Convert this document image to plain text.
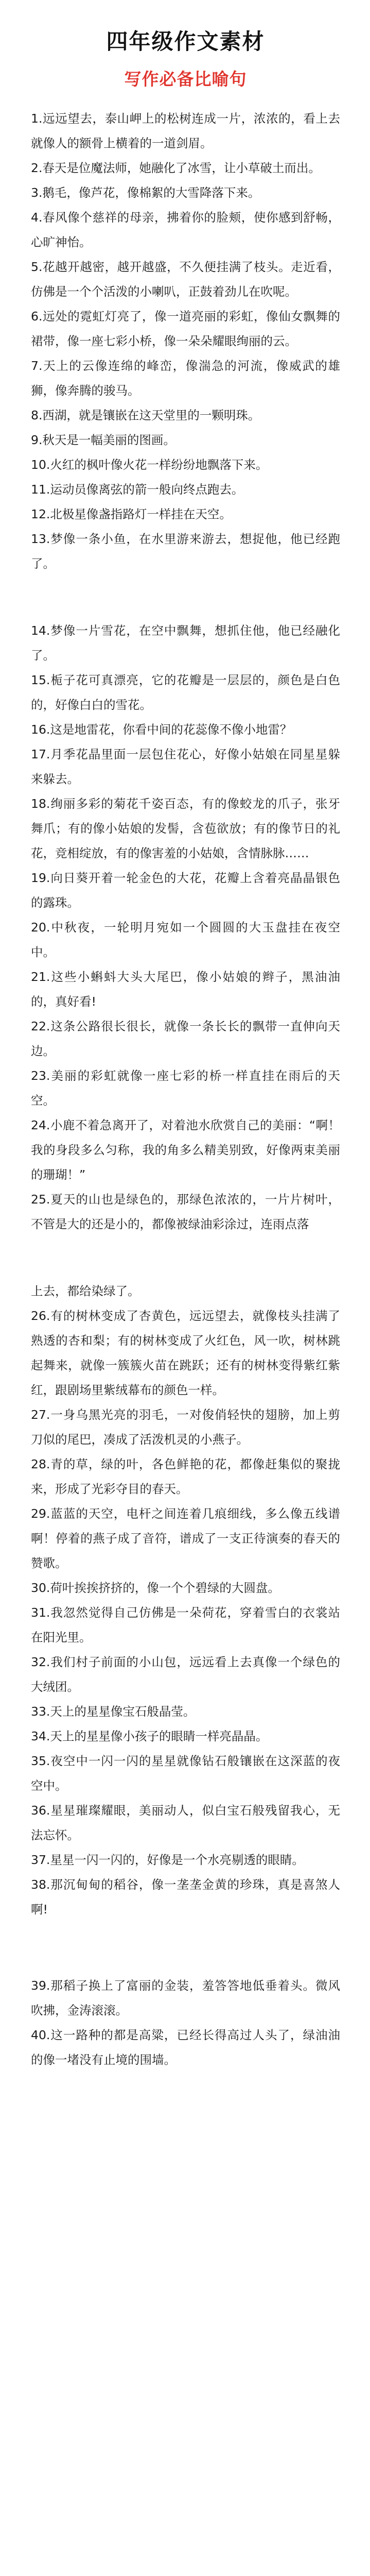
四年级作文素材
写作必备比喻句

1.远远望去，泰山岬上的松树连成一片，浓浓的，看上去就像人的额骨上横着的一道剑眉。

2.春天是位魔法师，她融化了冰雪，让小草破土而出。

3.鹅毛，像芦花，像棉絮的大雪降落下来。

4.春风像个慈祥的母亲，拂着你的脸颊，使你感到舒畅，心旷神怡。

5.花越开越密，越开越盛，不久便挂满了枝头。走近看，仿佛是一个个活泼的小喇叭，正鼓着劲儿在吹呢。

6.远处的霓虹灯亮了，像一道亮丽的彩虹，像仙女飘舞的裙带，像一座七彩小桥，像一朵朵耀眼绚丽的云。

7.天上的云像连绵的峰峦，像湍急的河流，像威武的雄狮，像奔腾的骏马。

8.西湖，就是镶嵌在这天堂里的一颗明珠。

9.秋天是一幅美丽的图画。

10.火红的枫叶像火花一样纷纷地飘落下来。

11.运动员像离弦的箭一般向终点跑去。

12.北极星像盏指路灯一样挂在天空。

13.梦像一条小鱼，在水里游来游去，想捉他，他已经跑了。

14.梦像一片雪花，在空中飘舞，想抓住他，他已经融化了。

15.栀子花可真漂亮，它的花瓣是一层层的，颜色是白色的，好像白白的雪花。

16.这是地雷花，你看中间的花蕊像不像小地雷？

17.月季花晶里面一层包住花心，好像小姑娘在同星星躲来躲去。

18.绚丽多彩的菊花千姿百态，有的像蛟龙的爪子，张牙舞爪；有的像小姑娘的发髻，含苞欲放；有的像节日的礼花，竞相绽放，有的像害羞的小姑娘，含情脉脉……

19.向日葵开着一轮金色的大花，花瓣上含着亮晶晶银色的露珠。

20.中秋夜，一轮明月宛如一个圆圆的大玉盘挂在夜空中。

21.这些小蝌蚪大头大尾巴，像小姑娘的辫子，黑油油的，真好看!

22.这条公路很长很长，就像一条长长的飘带一直伸向天边。

23.美丽的彩虹就像一座七彩的桥一样直挂在雨后的天空。

24.小鹿不着急离开了，对着池水欣赏自己的美丽：“啊！我的身段多么匀称，我的角多么精美别致，好像两束美丽的珊瑚！”

25.夏天的山也是绿色的，那绿色浓浓的，一片片树叶，不管是大的还是小的，都像被绿油彩涂过，连雨点落

上去，都给染绿了。

26.有的树林变成了杏黄色，远远望去，就像枝头挂满了熟透的杏和梨；有的树林变成了火红色，风一吹，树林跳起舞来，就像一簇簇火苗在跳跃；还有的树林变得紫红紫红，跟剧场里紫绒幕布的颜色一样。

27.一身乌黑光亮的羽毛，一对俊俏轻快的翅膀，加上剪刀似的尾巴，凑成了活泼机灵的小燕子。

28.青的草，绿的叶，各色鲜艳的花，都像赶集似的聚拢来，形成了光彩夺目的春天。

29.蓝蓝的天空，电杆之间连着几痕细线，多么像五线谱啊！停着的燕子成了音符，谱成了一支正待演奏的春天的赞歌。

30.荷叶挨挨挤挤的，像一个个碧绿的大圆盘。

31.我忽然觉得自己仿佛是一朵荷花，穿着雪白的衣裳站在阳光里。

32.我们村子前面的小山包，远远看上去真像一个绿色的大绒团。

33.天上的星星像宝石般晶莹。

34.天上的星星像小孩子的眼睛一样亮晶晶。

35.夜空中一闪一闪的星星就像钻石般镶嵌在这深蓝的夜空中。

36.星星璀璨耀眼，美丽动人，似白宝石般残留我心，无法忘怀。

37.星星一闪一闪的，好像是一个水亮剔透的眼睛。

38.那沉甸甸的稻谷，像一垄垄金黄的珍珠，真是喜煞人啊!

39.那稻子换上了富丽的金装，羞答答地低垂着头。微风吹拂，金涛滚滚。

40.这一路种的都是高粱，已经长得高过人头了，绿油油的像一堵没有止境的围墙。
